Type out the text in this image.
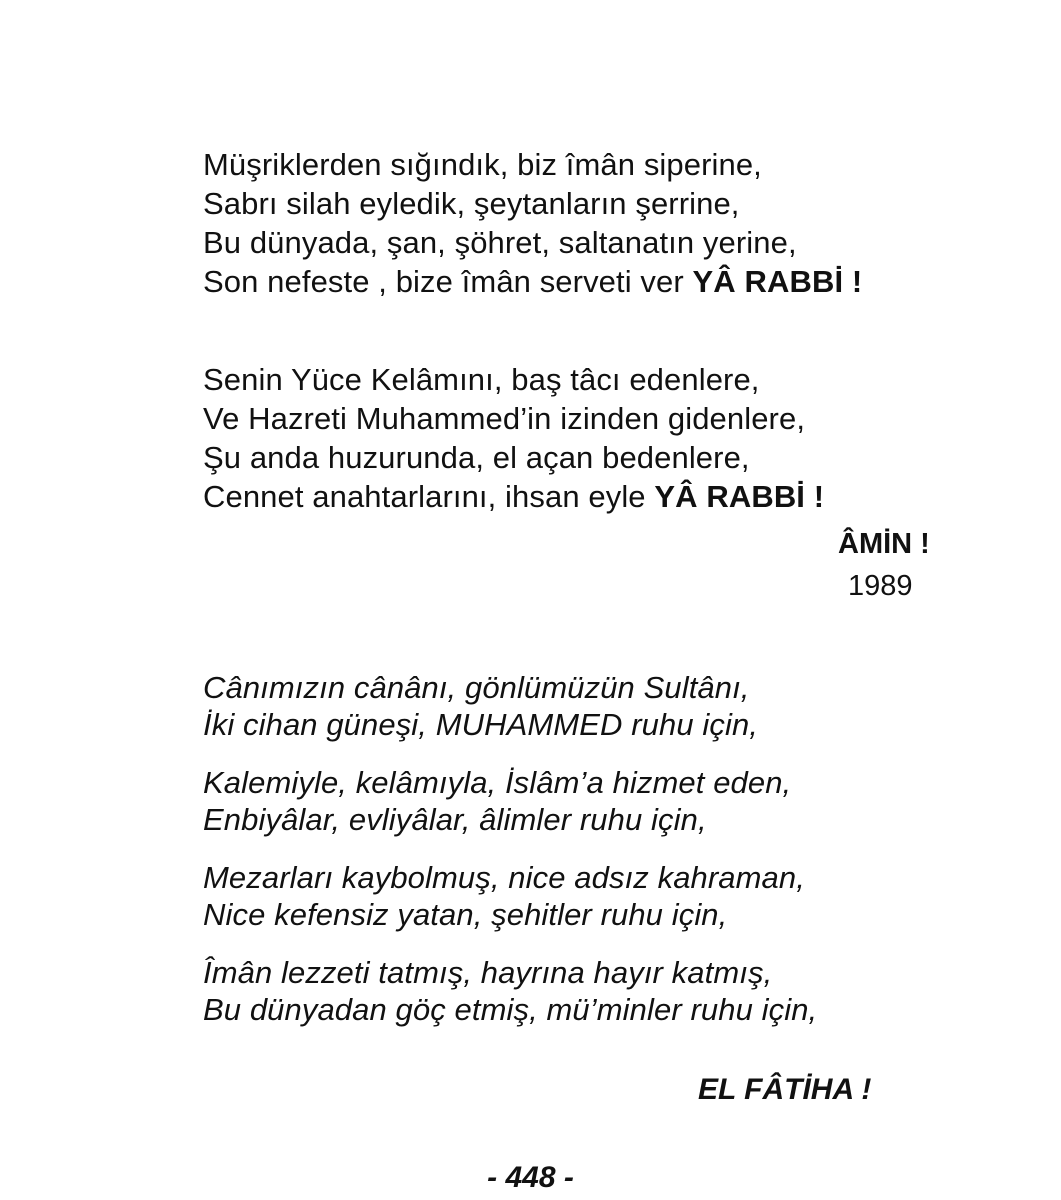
Müşriklerden sığındık, biz îmân siperine,
Sabrı silah eyledik, şeytanların şerrine,
Bu dünyada, şan, şöhret, saltanatın yerine,
Son nefeste , bize îmân serveti ver YÂ RABBİ !
Senin Yüce Kelâmını, baş tâcı edenlere,
Ve Hazreti Muhammed’in izinden gidenlere,
Şu anda huzurunda, el açan bedenlere,
Cennet anahtarlarını, ihsan eyle YÂ RABBİ !
ÂMİN !
1989
Cânımızın cânânı, gönlümüzün Sultânı,
İki cihan güneşi, MUHAMMED ruhu için,
Kalemiyle, kelâmıyla, İslâm’a hizmet eden,
Enbiyâlar, evliyâlar, âlimler ruhu için,
Mezarları kaybolmuş, nice adsız kahraman,
Nice kefensiz yatan, şehitler ruhu için,
Îmân lezzeti tatmış, hayrına hayır katmış,
Bu dünyadan göç etmiş, mü’minler ruhu için,
EL FÂTİHA !
- 448 -
